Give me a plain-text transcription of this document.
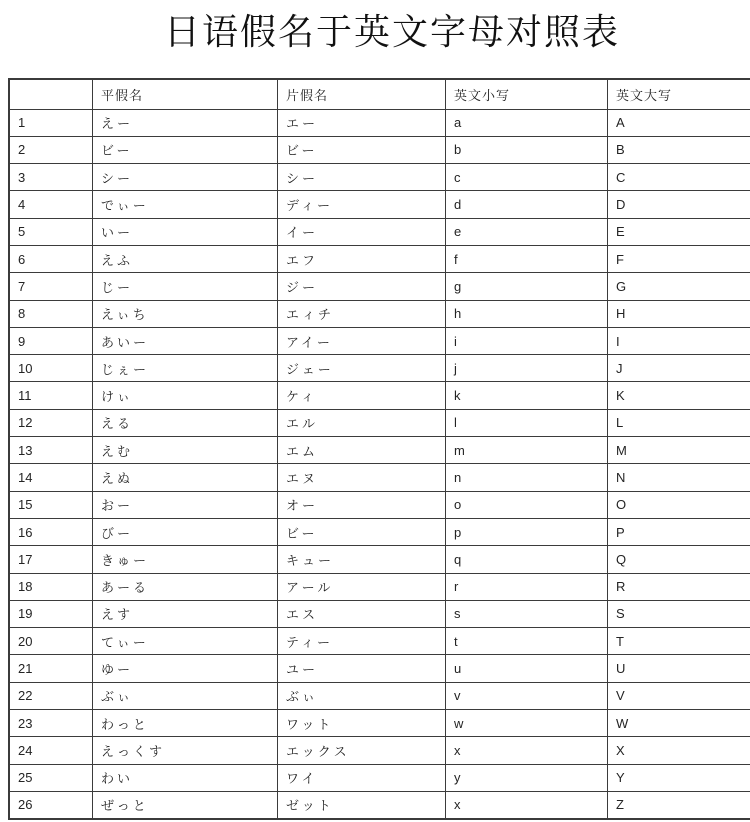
日语假名于英文字母对照表
	平假名	片假名	英文小写	英文大写
1	えー	エー	a	A
2	ビー	ビー	b	B
3	シー	シー	c	C
4	でぃー	ディー	d	D
5	いー	イー	e	E
6	えふ	エフ	f	F
7	じー	ジー	g	G
8	えぃち	エィチ	h	H
9	あいー	アイー	i	I
10	じぇー	ジェー	j	J
11	けぃ	ケィ	k	K
12	える	エル	l	L
13	えむ	エム	m	M
14	えぬ	エヌ	n	N
15	おー	オー	o	O
16	びー	ビー	p	P
17	きゅー	キュー	q	Q
18	あーる	アール	r	R
19	えす	エス	s	S
20	てぃー	ティー	t	T
21	ゆー	ユー	u	U
22	ぶぃ	ぶぃ	v	V
23	わっと	ワット	w	W
24	えっくす	エックス	x	X
25	わい	ワイ	y	Y
26	ぜっと	ゼット	x	Z
